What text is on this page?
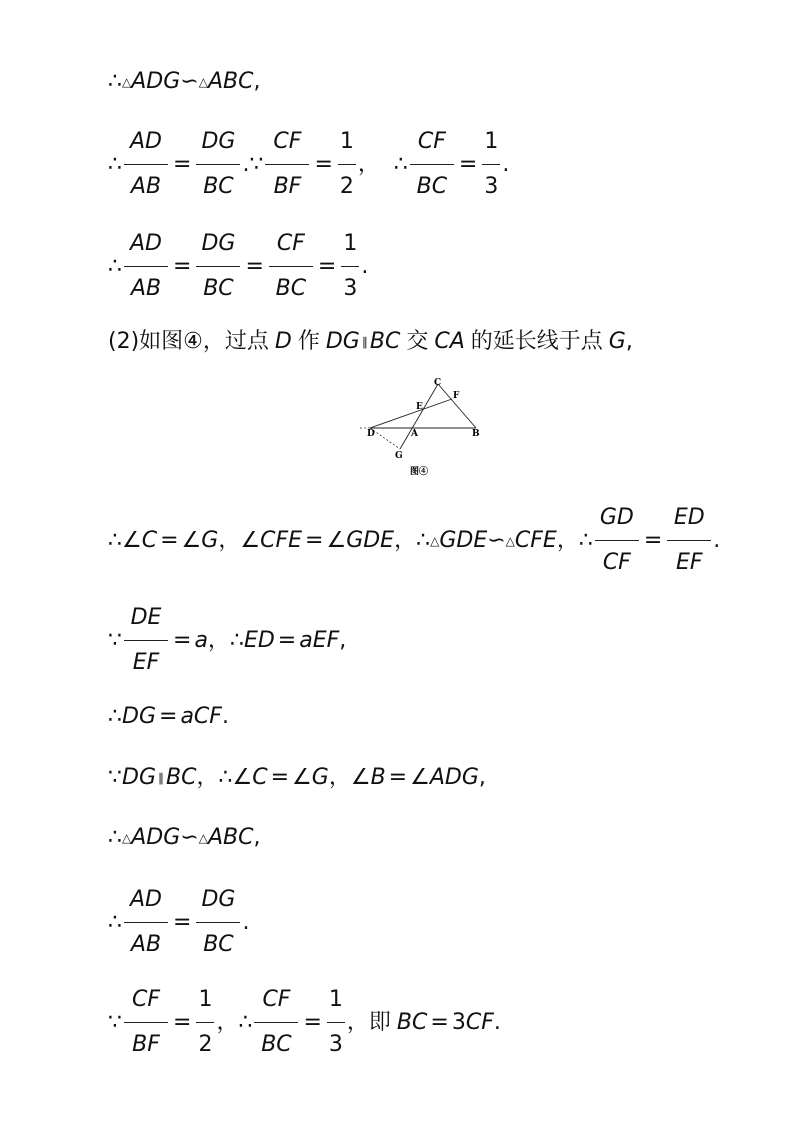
∴ △ ADG ∽ △ ABC ,
∴ $\frac{AD}{AB} = \frac{DG}{BC}$ . ∵ $\frac{CF}{BF} = \frac{1}{2}$ ， ∴ $\frac{CF}{BC} = \frac{1}{3}$ .
∴ $\frac{AD}{AB} = \frac{DG}{BC} = \frac{CF}{BC} = \frac{1}{3}$ .
(2)如图④，过点 D 作 DG ∥ BC 交 CA 的延长线于点 G ,
C
F
E
D	A	B
G
图④
∴ ∠ C = ∠ G ， ∠ CFE = ∠ GDE ， ∴ △ GDE ∽ △ CFE ， ∴ $\frac{GD}{CF} = \frac{ED}{EF}$ .
∵ $\frac{DE}{EF} = a$ ， ∴ ED = aEF ,
∴ DG = aCF .
∵ DG ∥ BC ， ∴ ∠ C = ∠ G ， ∠ B = ∠ ADG ,
∴ △ ADG ∽ △ ABC ,
∴ $\frac{AD}{AB} = \frac{DG}{BC}$ .
∵ $\frac{CF}{BF} = \frac{1}{2}$ ， ∴ $\frac{CF}{BC} = \frac{1}{3}$ ， 即 BC = 3 CF .
